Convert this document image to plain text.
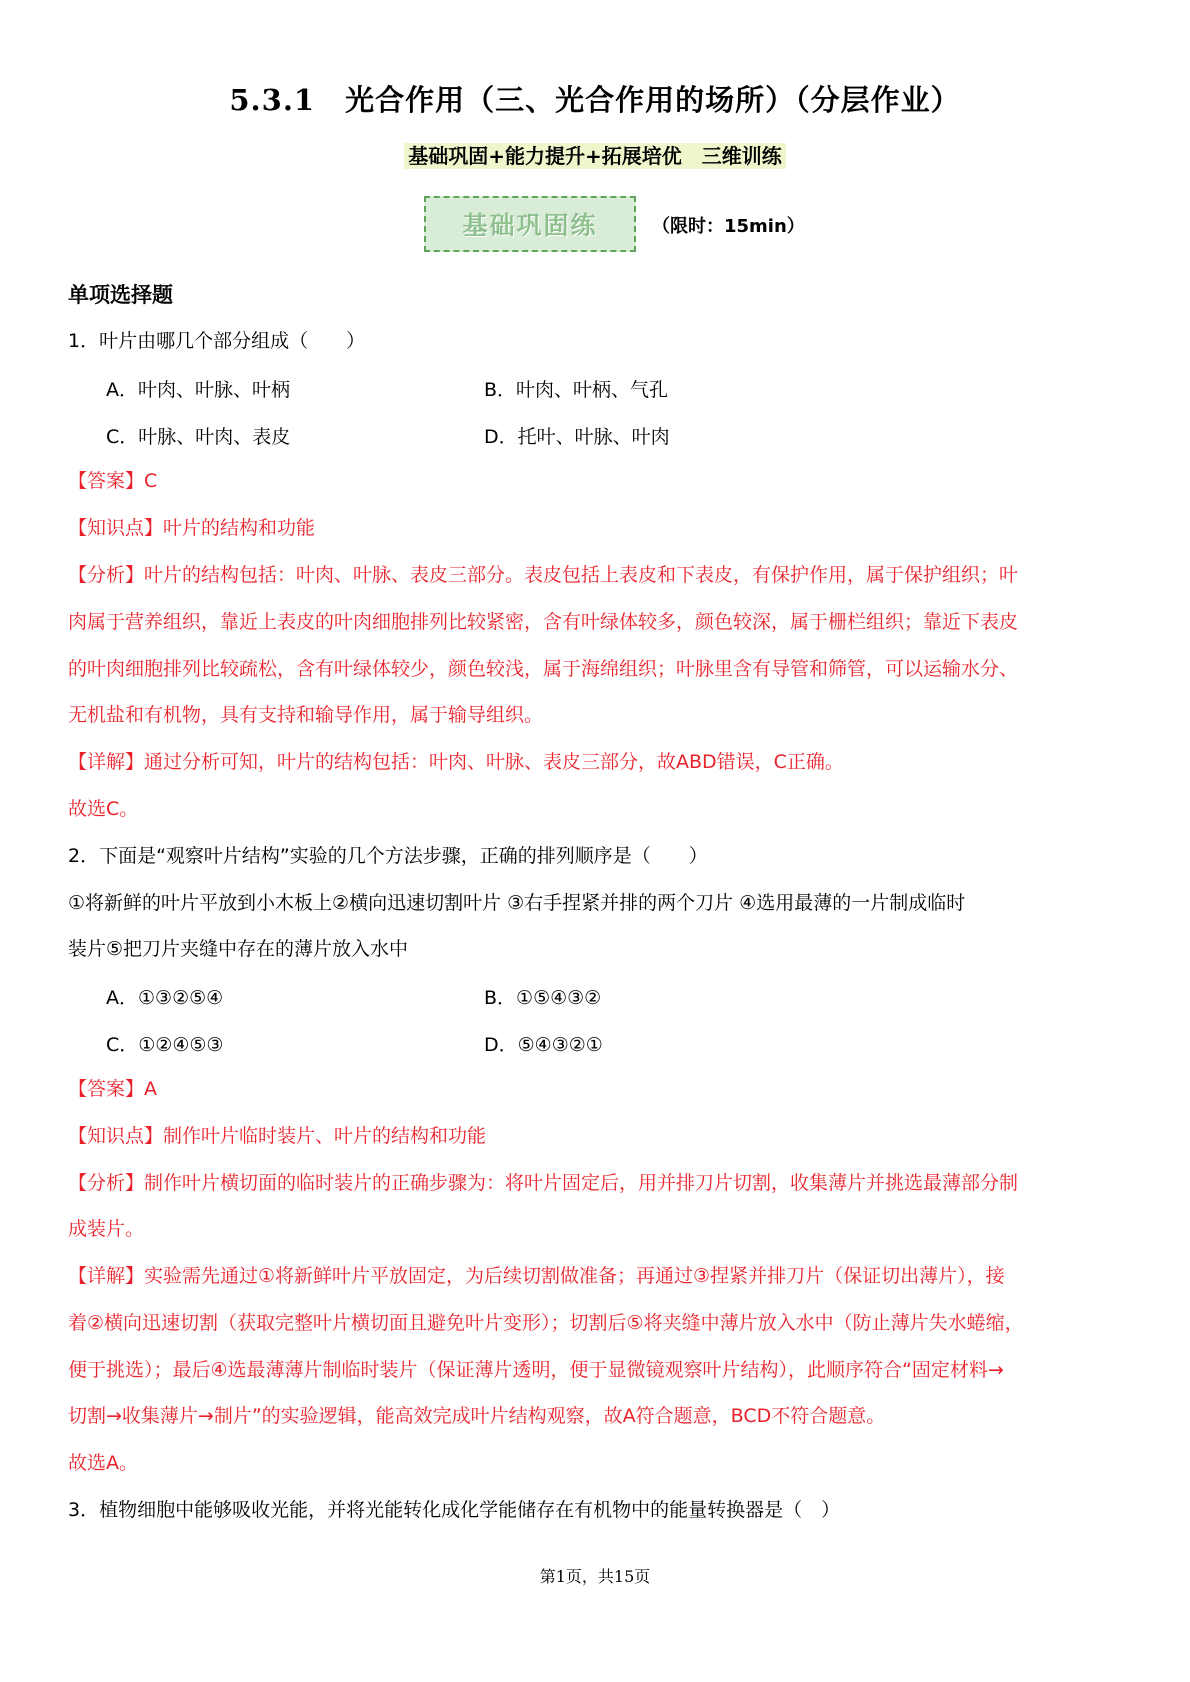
5.3.1　光合作用（三、光合作用的场所）（分层作业）
基础巩固+能力提升+拓展培优　三维训练
基础巩固练	（限时：15min）
单项选择题
1．叶片由哪几个部分组成（　　）
A．叶肉、叶脉、叶柄	B．叶肉、叶柄、气孔
C．叶脉、叶肉、表皮	D．托叶、叶脉、叶肉
【答案】C
【知识点】叶片的结构和功能
【分析】叶片的结构包括：叶肉、叶脉、表皮三部分。表皮包括上表皮和下表皮，有保护作用，属于保护组织；叶
肉属于营养组织，靠近上表皮的叶肉细胞排列比较紧密，含有叶绿体较多，颜色较深，属于栅栏组织；靠近下表皮
的叶肉细胞排列比较疏松，含有叶绿体较少，颜色较浅，属于海绵组织；叶脉里含有导管和筛管，可以运输水分、
无机盐和有机物，具有支持和输导作用，属于输导组织。
【详解】通过分析可知，叶片的结构包括：叶肉、叶脉、表皮三部分，故ABD错误，C正确。
故选C。
2．下面是“观察叶片结构”实验的几个方法步骤，正确的排列顺序是（　　）
①将新鲜的叶片平放到小木板上②横向迅速切割叶片 ③右手捏紧并排的两个刀片 ④选用最薄的一片制成临时
装片⑤把刀片夹缝中存在的薄片放入水中
A．①③②⑤④	B．①⑤④③②
C．①②④⑤③	D．⑤④③②①
【答案】A
【知识点】制作叶片临时装片、叶片的结构和功能
【分析】制作叶片横切面的临时装片的正确步骤为：将叶片固定后，用并排刀片切割，收集薄片并挑选最薄部分制
成装片。
【详解】实验需先通过①将新鲜叶片平放固定，为后续切割做准备；再通过③捏紧并排刀片（保证切出薄片），接
着②横向迅速切割（获取完整叶片横切面且避免叶片变形）；切割后⑤将夹缝中薄片放入水中（防止薄片失水蜷缩，
便于挑选）；最后④选最薄薄片制临时装片（保证薄片透明，便于显微镜观察叶片结构），此顺序符合“固定材料→
切割→收集薄片→制片”的实验逻辑，能高效完成叶片结构观察，故A符合题意，BCD不符合题意。
故选A。
3．植物细胞中能够吸收光能，并将光能转化成化学能储存在有机物中的能量转换器是（　）
第1页，共15页
